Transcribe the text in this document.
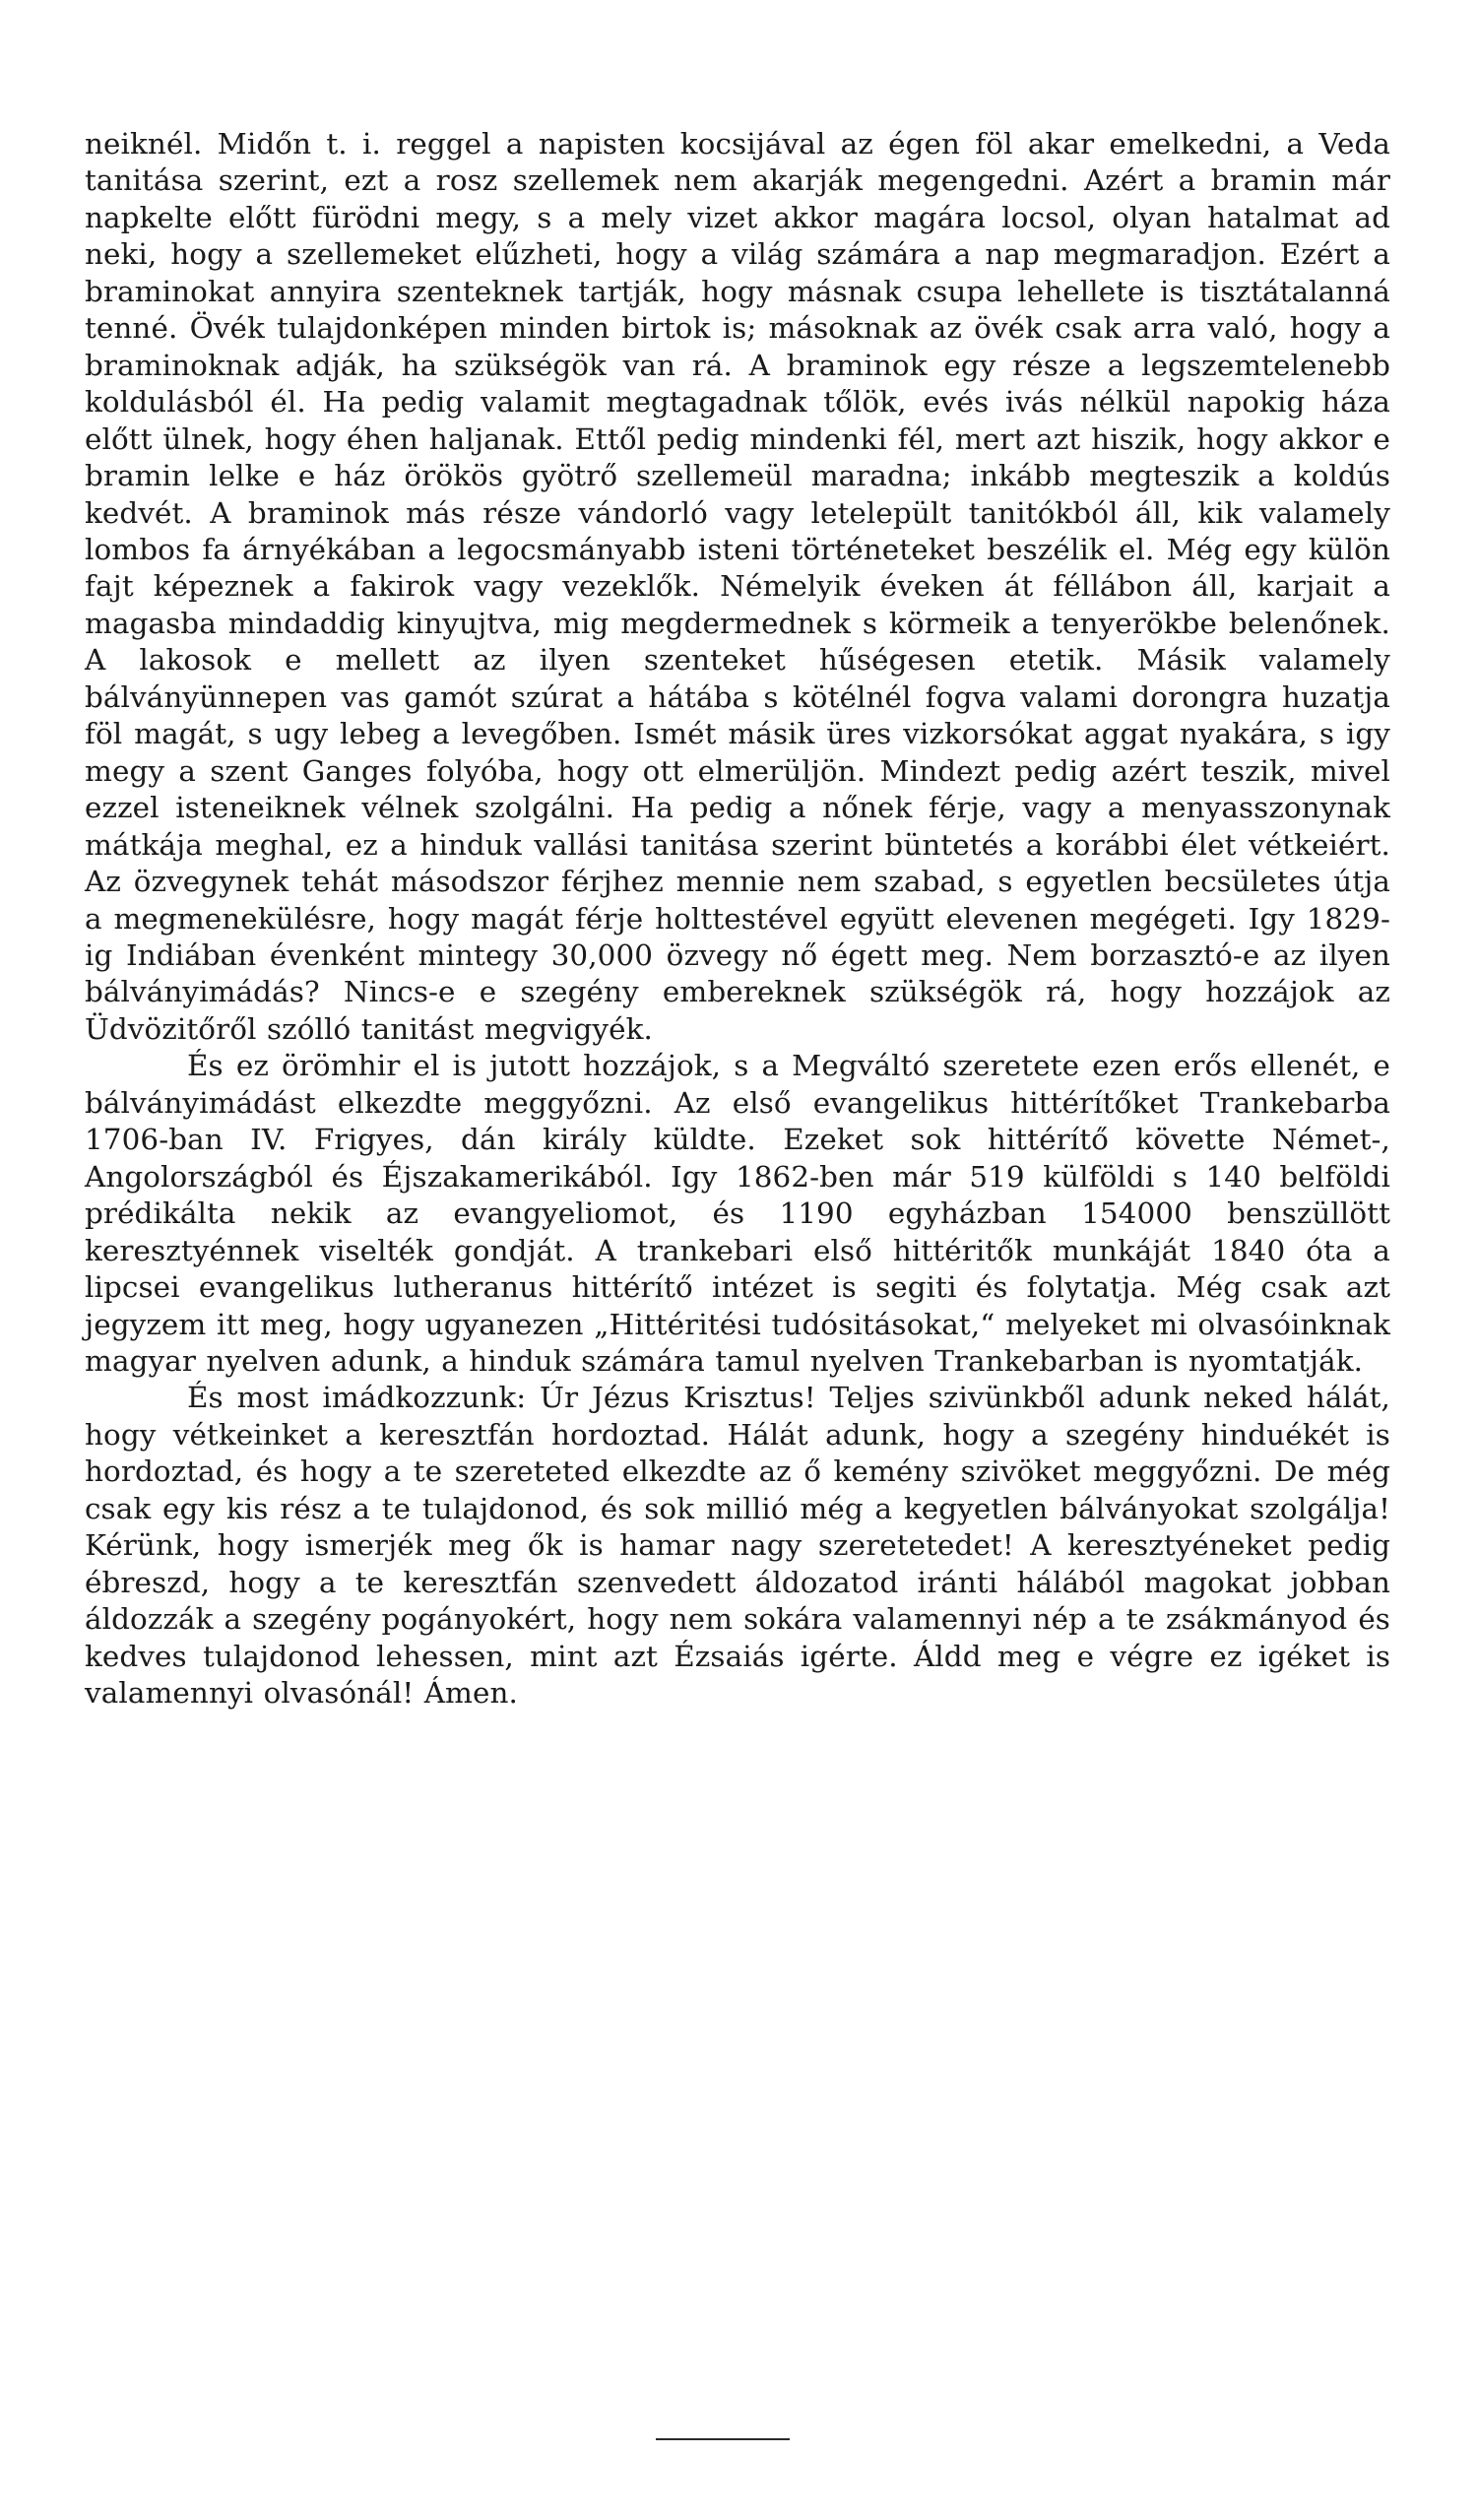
neiknél. Midőn t. i. reggel a napisten kocsijával az égen föl akar emelkedni, a Veda tanitása szerint, ezt a rosz szellemek nem akarják megengedni. Azért a bramin már napkelte előtt fürödni megy, s a mely vizet akkor magára locsol, olyan hatalmat ad neki, hogy a szellemeket elűzheti, hogy a világ számára a nap megmaradjon. Ezért a braminokat annyira szenteknek tartják, hogy másnak csupa lehellete is tisztátalanná tenné. Övék tulajdonképen minden birtok is; másoknak az övék csak arra való, hogy a braminoknak adják, ha szükségök van rá. A braminok egy része a legszemtelenebb koldulásból él. Ha pedig valamit megtagadnak tőlök, evés ivás nélkül napokig háza előtt ülnek, hogy éhen haljanak. Ettől pedig mindenki fél, mert azt hiszik, hogy akkor e bramin lelke e ház örökös gyötrő szellemeül maradna; inkább megteszik a koldús kedvét. A braminok más része vándorló vagy letelepült tanitókból áll, kik valamely lombos fa árnyékában a legocsmányabb isteni történeteket beszélik el. Még egy külön fajt képeznek a fakirok vagy vezeklők. Némelyik éveken át féllábon áll, karjait a magasba mindaddig kinyujtva, mig megdermednek s körmeik a tenyerökbe belenőnek. A lakosok e mellett az ilyen szenteket hűségesen etetik. Másik valamely bálványünnepen vas gamót szúrat a hátába s kötélnél fogva valami dorongra huzatja föl magát, s ugy lebeg a levegőben. Ismét másik üres vizkorsókat aggat nyakára, s igy megy a szent Ganges folyóba, hogy ott elmerüljön. Mindezt pedig azért teszik, mivel ezzel isteneiknek vélnek szolgálni. Ha pedig a nőnek férje, vagy a menyasszonynak mátkája meghal, ez a hinduk vallási tanitása szerint büntetés a korábbi élet vétkeiért. Az özvegynek tehát másodszor férjhez mennie nem szabad, s egyetlen becsületes útja a megmenekülésre, hogy magát férje holttestével együtt elevenen megégeti. Igy 1829-ig Indiában évenként mintegy 30,000 özvegy nő égett meg. Nem borzasztó-e az ilyen bálványimádás? Nincs-e e szegény embereknek szükségök rá, hogy hozzájok az Üdvözitőről szólló tanitást megvigyék.

És ez örömhir el is jutott hozzájok, s a Megváltó szeretete ezen erős ellenét, e bálványimádást elkezdte meggyőzni. Az első evangelikus hittérítőket Trankebarba 1706-ban IV. Frigyes, dán király küldte. Ezeket sok hittérítő követte Német-, Angolországból és Éjszakamerikából. Igy 1862-ben már 519 külföldi s 140 belföldi prédikálta nekik az evangyeliomot, és 1190 egyházban 154000 benszüllött keresztyénnek viselték gondját. A trankebari első hittéritők munkáját 1840 óta a lipcsei evangelikus lutheranus hittérítő intézet is segiti és folytatja. Még csak azt jegyzem itt meg, hogy ugyanezen „Hittéritési tudósitásokat,“ melyeket mi olvasóinknak magyar nyelven adunk, a hinduk számára tamul nyelven Trankebarban is nyomtatják.

És most imádkozzunk: Úr Jézus Krisztus! Teljes szivünkből adunk neked hálát, hogy vétkeinket a keresztfán hordoztad. Hálát adunk, hogy a szegény hinduékét is hordoztad, és hogy a te szereteted elkezdte az ő kemény szivöket meggyőzni. De még csak egy kis rész a te tulajdonod, és sok millió még a kegyetlen bálványokat szolgálja! Kérünk, hogy ismerjék meg ők is hamar nagy szeretetedet! A keresztyéneket pedig ébreszd, hogy a te keresztfán szenvedett áldozatod iránti hálából magokat jobban áldozzák a szegény pogányokért, hogy nem sokára valamennyi nép a te zsákmányod és kedves tulajdonod lehessen, mint azt Ézsaiás igérte. Áldd meg e végre ez igéket is valamennyi olvasónál! Ámen.
